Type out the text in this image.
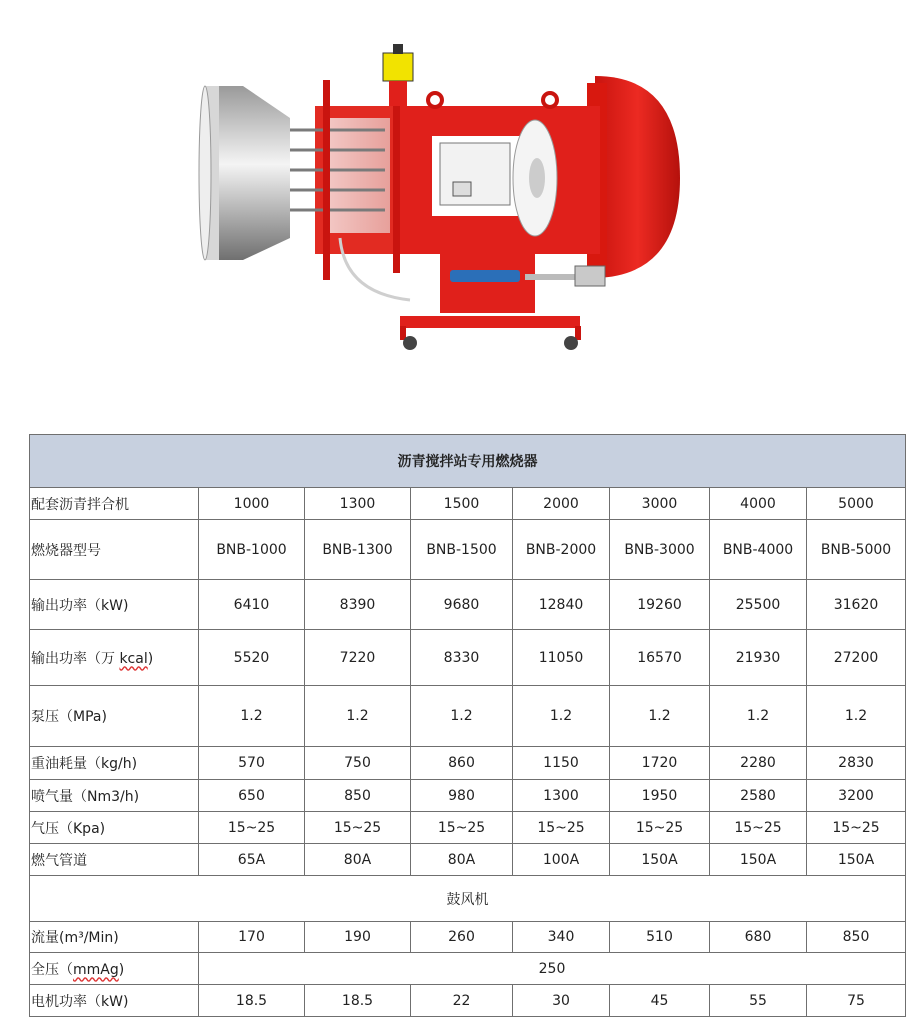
沥青搅拌站专用燃烧器							
配套沥青拌合机	1000	1300	1500	2000	3000	4000	5000
燃烧器型号	BNB-1000	BNB-1300	BNB-1500	BNB-2000	BNB-3000	BNB-4000	BNB-5000
输出功率（kW)	6410	8390	9680	12840	19260	25500	31620
输出功率（万 kcal)	5520	7220	8330	11050	16570	21930	27200
泵压（MPa)	1.2	1.2	1.2	1.2	1.2	1.2	1.2
重油耗量（kg/h)	570	750	860	1150	1720	2280	2830
喷气量（Nm3/h)	650	850	980	1300	1950	2580	3200
气压（Kpa)	15~25	15~25	15~25	15~25	15~25	15~25	15~25
燃气管道	65A	80A	80A	100A	150A	150A	150A
鼓风机							
流量(m³/Min)	170	190	260	340	510	680	850
全压（mmAg)	250						
电机功率（kW)	18.5	18.5	22	30	45	55	75
